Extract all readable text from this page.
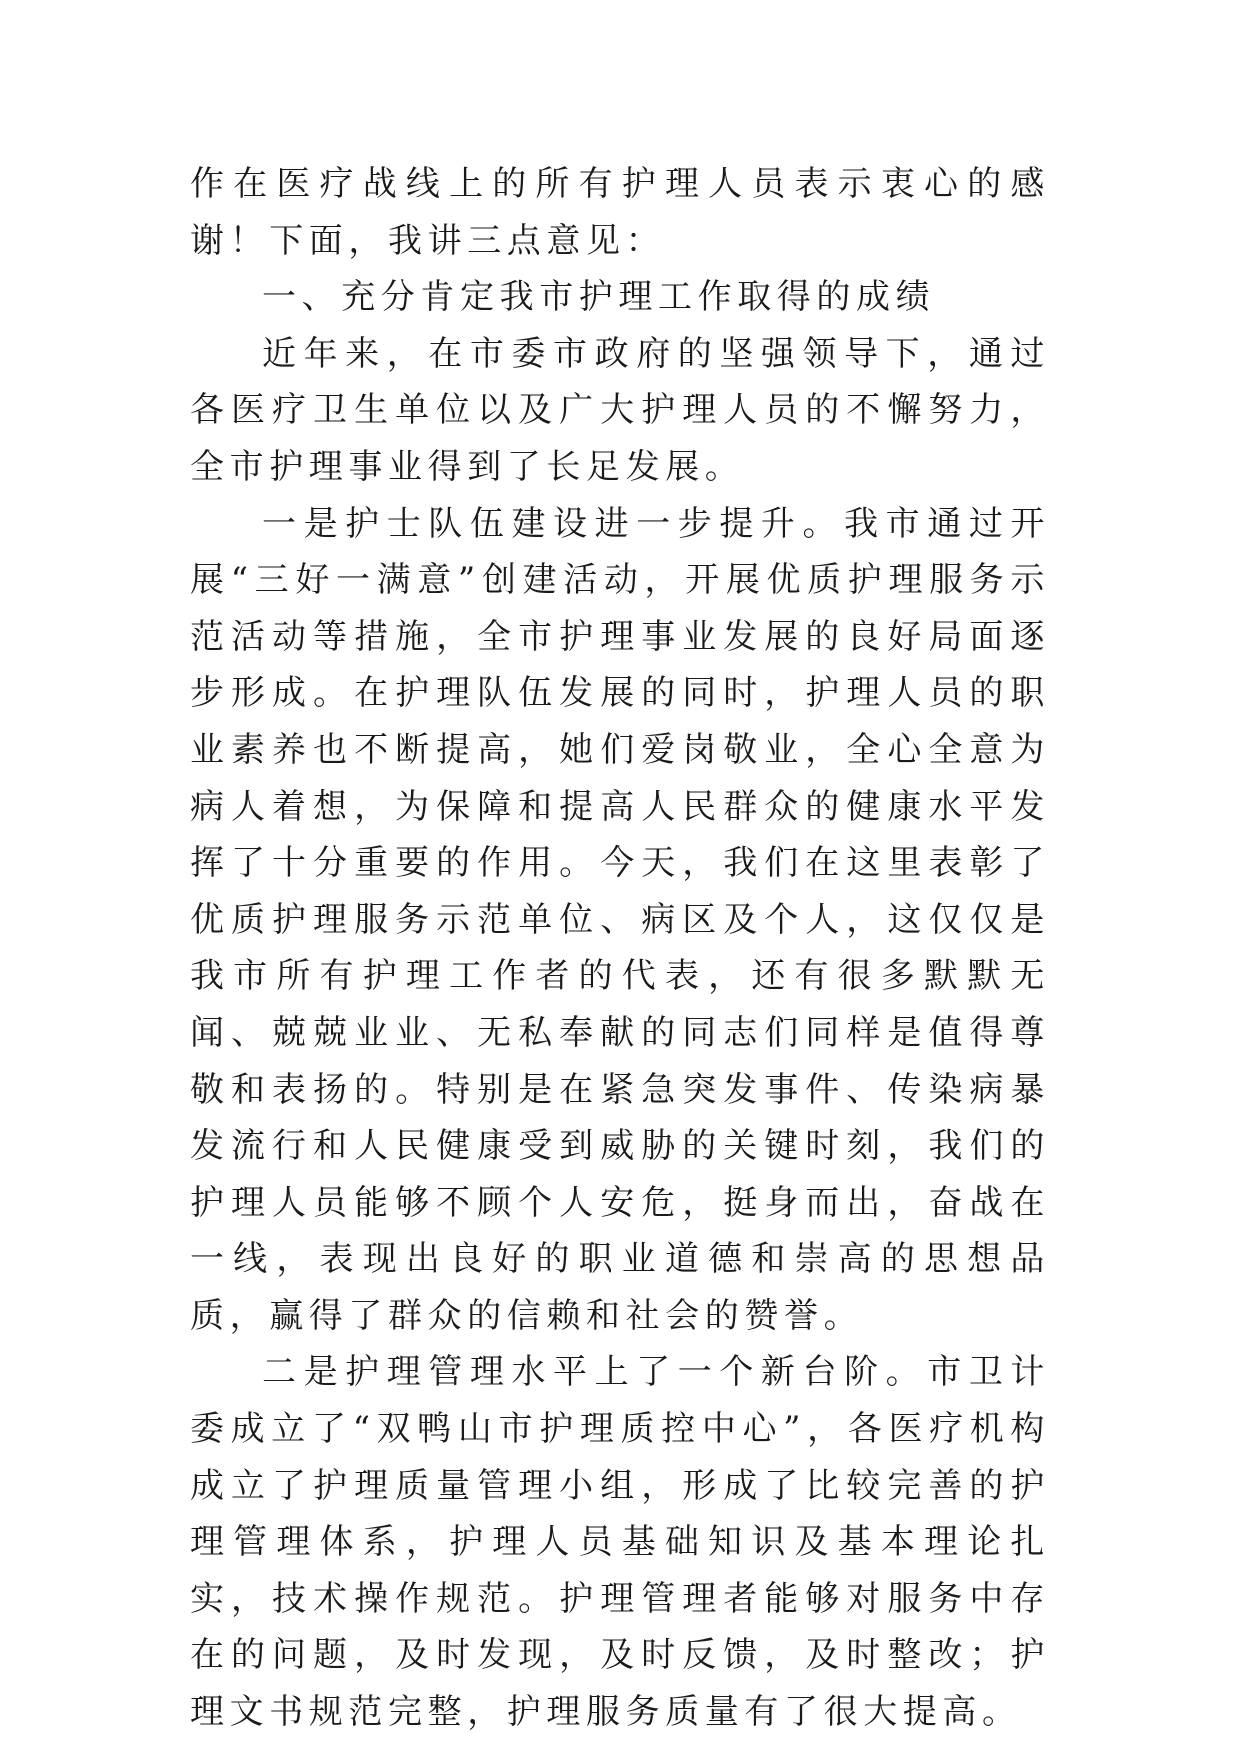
作在医疗战线上的所有护理人员表示衷心的感谢！下面，我讲三点意见：

一、充分肯定我市护理工作取得的成绩

近年来，在市委市政府的坚强领导下，通过各医疗卫生单位以及广大护理人员的不懈努力，全市护理事业得到了长足发展。

一是护士队伍建设进一步提升。我市通过开展“三好一满意”创建活动，开展优质护理服务示范活动等措施，全市护理事业发展的良好局面逐步形成。在护理队伍发展的同时，护理人员的职业素养也不断提高，她们爱岗敬业，全心全意为病人着想，为保障和提高人民群众的健康水平发挥了十分重要的作用。今天，我们在这里表彰了优质护理服务示范单位、病区及个人，这仅仅是我市所有护理工作者的代表，还有很多默默无闻、兢兢业业、无私奉献的同志们同样是值得尊敬和表扬的。特别是在紧急突发事件、传染病暴发流行和人民健康受到威胁的关键时刻，我们的护理人员能够不顾个人安危，挺身而出，奋战在一线，表现出良好的职业道德和崇高的思想品质，赢得了群众的信赖和社会的赞誉。

二是护理管理水平上了一个新台阶。市卫计委成立了“双鸭山市护理质控中心”，各医疗机构成立了护理质量管理小组，形成了比较完善的护理管理体系，护理人员基础知识及基本理论扎实，技术操作规范。护理管理者能够对服务中存在的问题，及时发现，及时反馈，及时整改；护理文书规范完整，护理服务质量有了很大提高。
